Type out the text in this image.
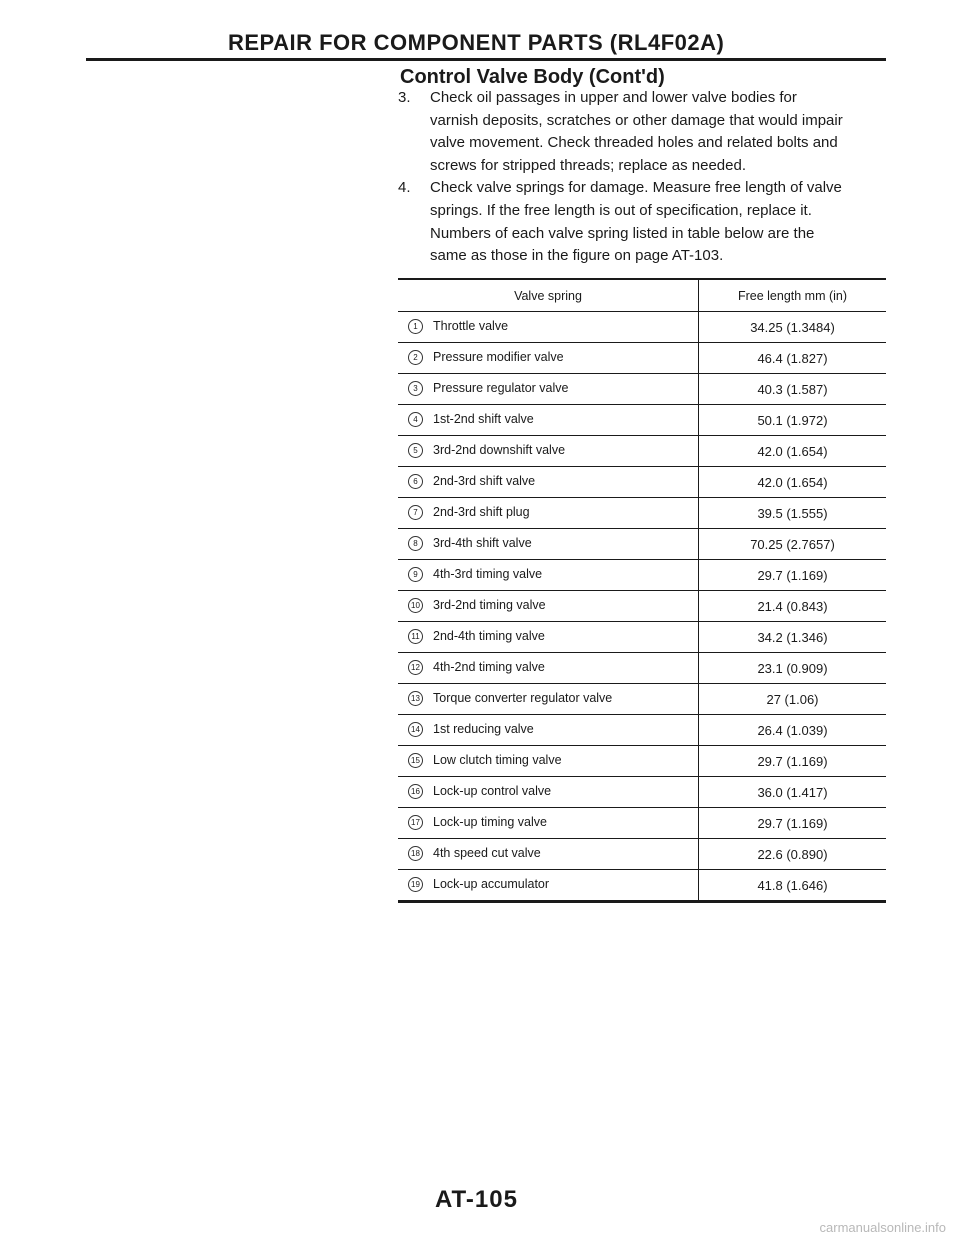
REPAIR FOR COMPONENT PARTS (RL4F02A)
Control Valve Body (Cont'd)
3.	Check oil passages in upper and lower valve bodies for
varnish deposits, scratches or other damage that would impair
valve movement. Check threaded holes and related bolts and
screws for stripped threads; replace as needed.
4.	Check valve springs for damage. Measure free length of valve
springs. If the free length is out of specification, replace it.
Numbers of each valve spring listed in table below are the
same as those in the figure on page AT-103.
Valve spring	Free length mm (in)
1 Throttle valve	34.25 (1.3484)
2 Pressure modifier valve	46.4 (1.827)
3 Pressure regulator valve	40.3 (1.587)
4 1st-2nd shift valve	50.1 (1.972)
5 3rd-2nd downshift valve	42.0 (1.654)
6 2nd-3rd shift valve	42.0 (1.654)
7 2nd-3rd shift plug	39.5 (1.555)
8 3rd-4th shift valve	70.25 (2.7657)
9 4th-3rd timing valve	29.7 (1.169)
10 3rd-2nd timing valve	21.4 (0.843)
11 2nd-4th timing valve	34.2 (1.346)
12 4th-2nd timing valve	23.1 (0.909)
13 Torque converter regulator valve	27 (1.06)
14 1st reducing valve	26.4 (1.039)
15 Low clutch timing valve	29.7 (1.169)
16 Lock-up control valve	36.0 (1.417)
17 Lock-up timing valve	29.7 (1.169)
18 4th speed cut valve	22.6 (0.890)
19 Lock-up accumulator	41.8 (1.646)
AT-105
carmanualsonline.info
